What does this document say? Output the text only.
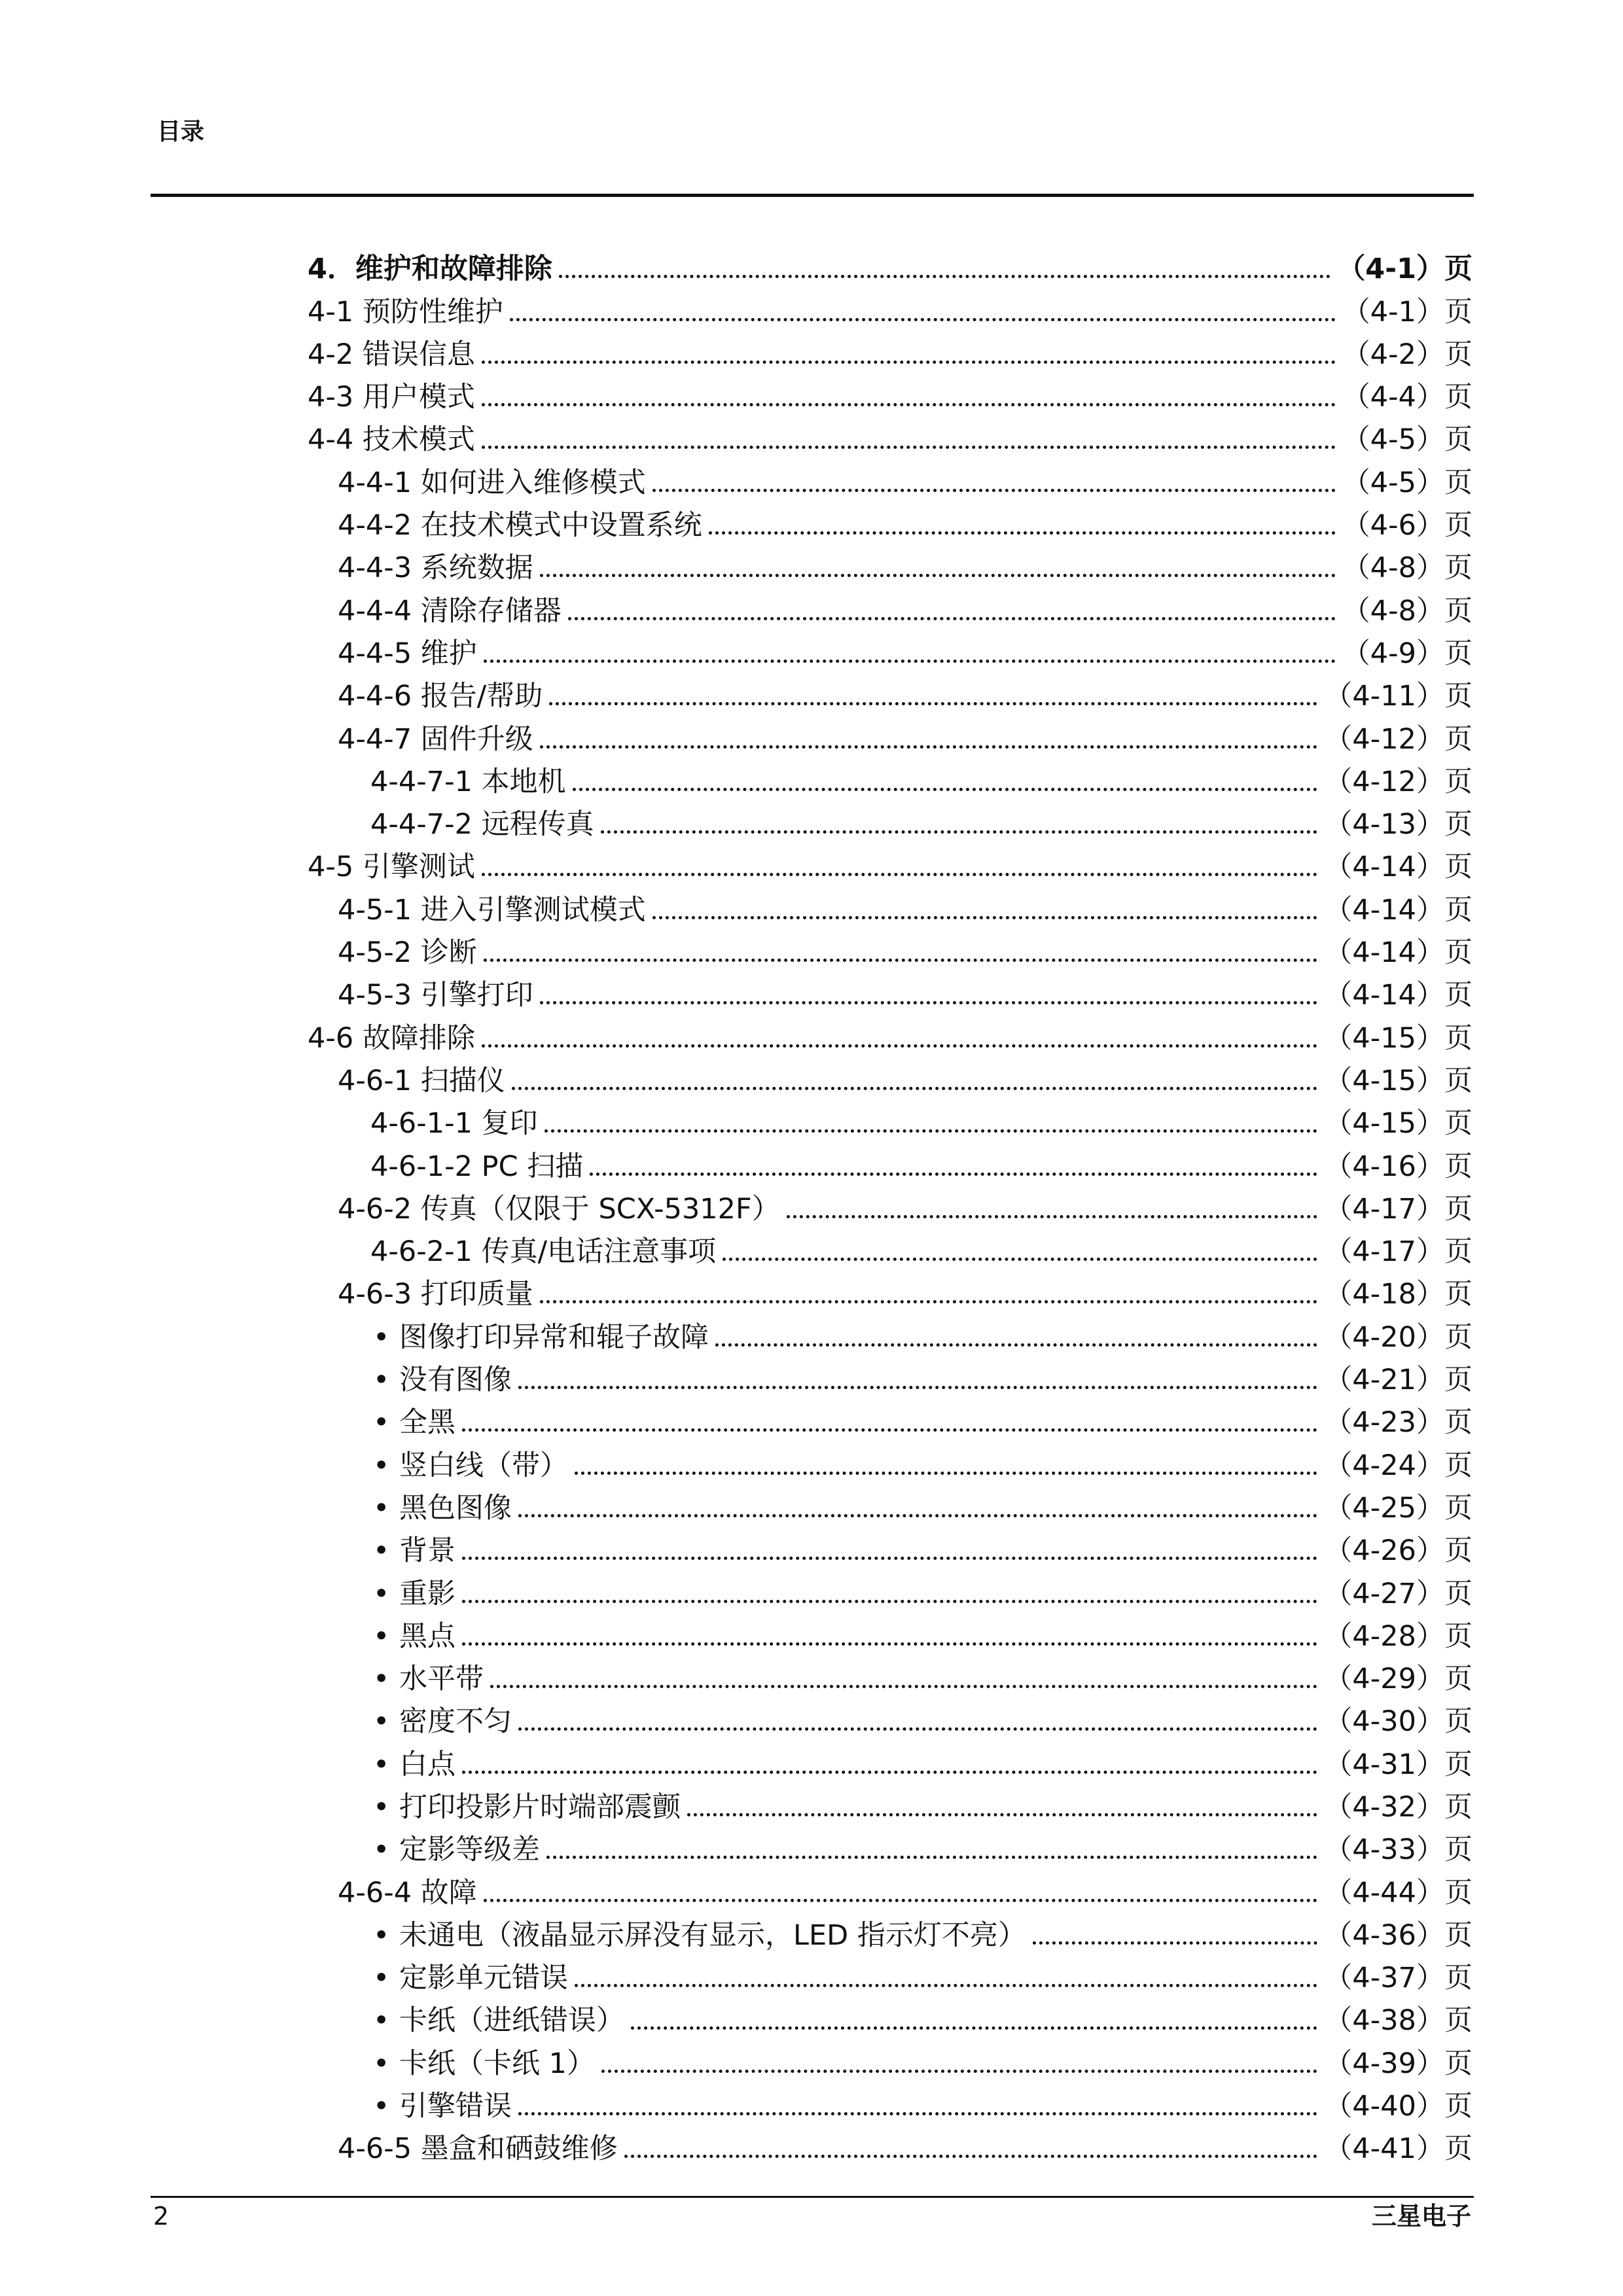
目录
4．维护和故障排除	（4-1）页
4-1 预防性维护	（4-1）页
4-2 错误信息	（4-2）页
4-3 用户模式	（4-4）页
4-4 技术模式	（4-5）页
4-4-1 如何进入维修模式	（4-5）页
4-4-2 在技术模式中设置系统	（4-6）页
4-4-3 系统数据	（4-8）页
4-4-4 清除存储器	（4-8）页
4-4-5 维护	（4-9）页
4-4-6 报告/帮助	（4-11）页
4-4-7 固件升级	（4-12）页
4-4-7-1 本地机	（4-12）页
4-4-7-2 远程传真	（4-13）页
4-5 引擎测试	（4-14）页
4-5-1 进入引擎测试模式	（4-14）页
4-5-2 诊断	（4-14）页
4-5-3 引擎打印	（4-14）页
4-6 故障排除	（4-15）页
4-6-1 扫描仪	（4-15）页
4-6-1-1 复印	（4-15）页
4-6-1-2 PC 扫描	（4-16）页
4-6-2 传真（仅限于 SCX-5312F）	（4-17）页
4-6-2-1 传真/电话注意事项	（4-17）页
4-6-3 打印质量	（4-18）页
• 图像打印异常和辊子故障	（4-20）页
• 没有图像	（4-21）页
• 全黑	（4-23）页
• 竖白线（带）	（4-24）页
• 黑色图像	（4-25）页
• 背景	（4-26）页
• 重影	（4-27）页
• 黑点	（4-28）页
• 水平带	（4-29）页
• 密度不匀	（4-30）页
• 白点	（4-31）页
• 打印投影片时端部震颤	（4-32）页
• 定影等级差	（4-33）页
4-6-4 故障	（4-44）页
• 未通电（液晶显示屏没有显示，LED 指示灯不亮）	（4-36）页
• 定影单元错误	（4-37）页
• 卡纸（进纸错误）	（4-38）页
• 卡纸（卡纸 1）	（4-39）页
• 引擎错误	（4-40）页
4-6-5 墨盒和硒鼓维修	（4-41）页
2	三星电子
